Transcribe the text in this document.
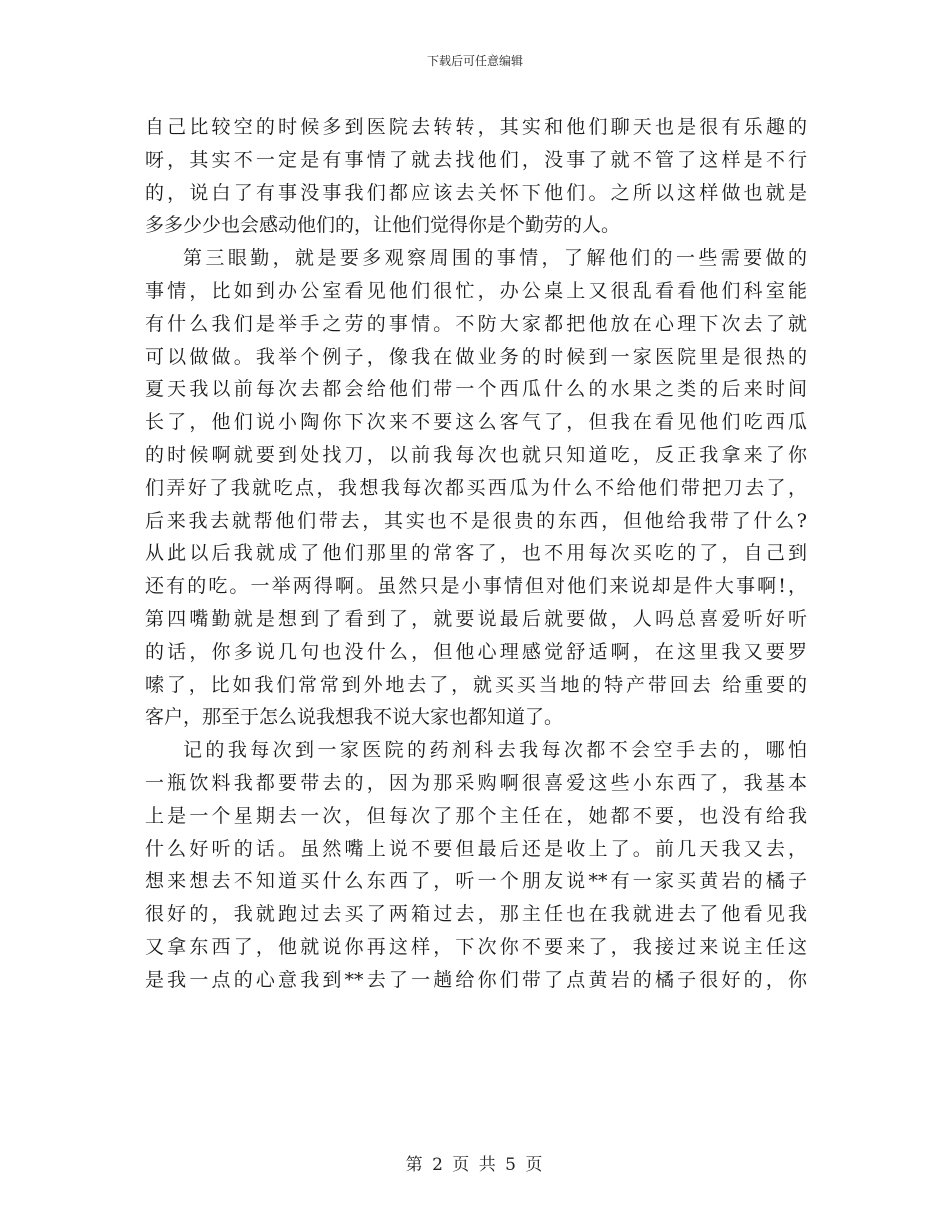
下载后可任意编辑
自己比较空的时候多到医院去转转，其实和他们聊天也是很有乐趣的
呀，其实不一定是有事情了就去找他们，没事了就不管了这样是不行
的，说白了有事没事我们都应该去关怀下他们。之所以这样做也就是
多多少少也会感动他们的，让他们觉得你是个勤劳的人。
第三眼勤，就是要多观察周围的事情，了解他们的一些需要做的
事情，比如到办公室看见他们很忙，办公桌上又很乱看看他们科室能
有什么我们是举手之劳的事情。不防大家都把他放在心理下次去了就
可以做做。我举个例子，像我在做业务的时候到一家医院里是很热的
夏天我以前每次去都会给他们带一个西瓜什么的水果之类的后来时间
长了，他们说小陶你下次来不要这么客气了，但我在看见他们吃西瓜
的时候啊就要到处找刀，以前我每次也就只知道吃，反正我拿来了你
们弄好了我就吃点，我想我每次都买西瓜为什么不给他们带把刀去了，
后来我去就帮他们带去，其实也不是很贵的东西，但他给我带了什么?
从此以后我就成了他们那里的常客了，也不用每次买吃的了，自己到
还有的吃。一举两得啊。虽然只是小事情但对他们来说却是件大事啊!，
第四嘴勤就是想到了看到了，就要说最后就要做，人吗总喜爱听好听
的话，你多说几句也没什么，但他心理感觉舒适啊，在这里我又要罗
嗦了，比如我们常常到外地去了，就买买当地的特产带回去 给重要的
客户，那至于怎么说我想我不说大家也都知道了。
记的我每次到一家医院的药剂科去我每次都不会空手去的，哪怕
一瓶饮料我都要带去的，因为那采购啊很喜爱这些小东西了，我基本
上是一个星期去一次，但每次了那个主任在，她都不要，也没有给我
什么好听的话。虽然嘴上说不要但最后还是收上了。前几天我又去，
想来想去不知道买什么东西了，听一个朋友说**有一家买黄岩的橘子
很好的，我就跑过去买了两箱过去，那主任也在我就进去了他看见我
又拿东西了，他就说你再这样，下次你不要来了，我接过来说主任这
是我一点的心意我到**去了一趟给你们带了点黄岩的橘子很好的，你
第 2 页 共 5 页
